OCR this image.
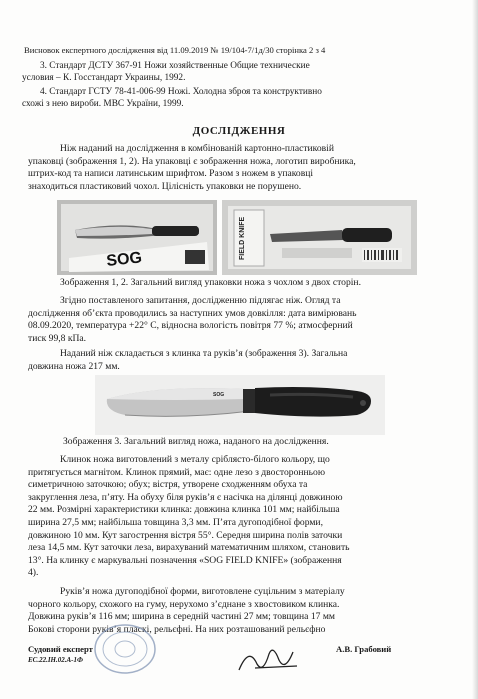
Висновок експертного дослідження від 11.09.2019 № 19/104-7/1д/30 сторінка 2 з 4
3. Стандарт ДСТУ 367-91 Ножи хозяйственные Общие технические
условия – К. Госстандарт Украины, 1992.
4. Стандарт ГСТУ 78-41-006-99 Ножі. Холодна зброя та конструктивно
схожі з нею вироби. МВС України, 1999.
ДОСЛІДЖЕННЯ
Ніж наданий на дослідження в комбінованій картонно-пластиковій
упаковці (зображення 1, 2). На упаковці є зображення ножа, логотип виробника,
штрих-код та написи латинським шрифтом. Разом з ножем в упаковці
знаходиться пластиковий чохол. Цілісність упаковки не порушено.
SOG	FIELD KNIFE
Зображення 1, 2. Загальний вигляд упаковки ножа з чохлом з двох сторін.
Згідно поставленого запитання, дослідженню підлягає ніж. Огляд та
дослідження об’єкта проводились за наступних умов довкілля: дата вимірювань
08.09.2020, температура +22° С, відносна вологість повітря 77 %; атмосферний
тиск 99,8 кПа.
Наданий ніж складається з клинка та руків’я (зображення 3). Загальна
довжина ножа 217 мм.
SOG
Зображення 3. Загальний вигляд ножа, наданого на дослідження.
Клинок ножа виготовлений з металу сріблясто-білого кольору, що
притягується магнітом. Клинок прямий, має: одне лезо з двосторонньою
симетричною заточкою; обух; вістря, утворене сходженням обуха та
закруглення леза, п’яту. На обуху біля руків’я є насічка на ділянці довжиною
22 мм. Розмірні характеристики клинка: довжина клинка 101 мм; найбільша
ширина 27,5 мм; найбільша товщина 3,3 мм. П’ята дугоподібної форми,
довжиною 10 мм. Кут загострення вістря 55°. Середня ширина полів заточки
леза 14,5 мм. Кут заточки леза, вирахуваний математичним шляхом, становить
13°. На клинку є маркувальні позначення «SOG FIELD KNIFE» (зображення
4).
Руків’я ножа дугоподібної форми, виготовлене суцільним з матеріалу
чорного кольору, схожого на гуму, нерухомо з’єднане з хвостовиком клинка.
Довжина руків’я 116 мм; ширина в середній частині 27 мм; товщина 17 мм
Бокові сторони руків’я пласкі, рельєфні. На них розташований рельєфно
Судовий експерт	А.В. Грабовий
ЕС.22.IH.02.А-1Ф
